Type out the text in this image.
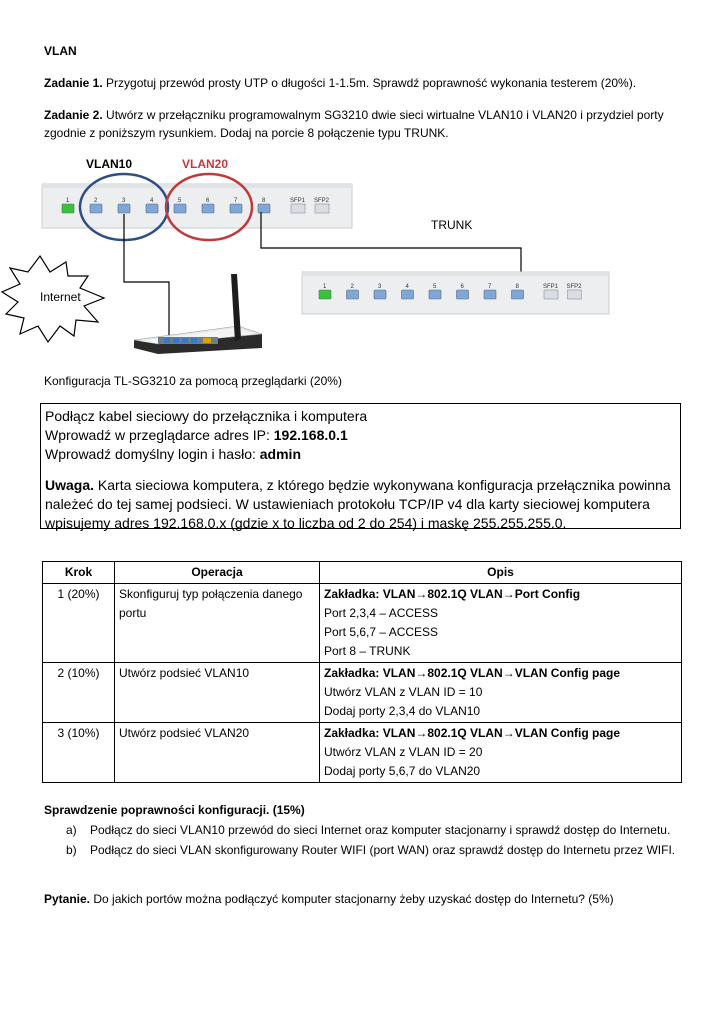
VLAN
Zadanie 1. Przygotuj przewód prosty UTP o długości 1-1.5m. Sprawdź poprawność wykonania testerem (20%).
Zadanie 2. Utwórz w przełączniku programowalnym SG3210 dwie sieci wirtualne VLAN10 i VLAN20 i przydziel porty
zgodnie z poniższym rysunkiem. Dodaj na porcie 8 połączenie typu TRUNK.
VLAN10	VLAN20
1	2	3	4	5	6	7	8	SFP1 SFP2
TRUNK
1	2	3	4	5	6	7	8	SFP1 SFP2
Internet
Konfiguracja TL-SG3210 za pomocą przeglądarki (20%)

Podłącz kabel sieciowy do przełącznika i komputera

Wprowadź w przeglądarce adres IP: 192.168.0.1

Wprowadź domyślny login i hasło: admin

Uwaga. Karta sieciowa komputera, z którego będzie wykonywana konfiguracja przełącznika powinna

należeć do tej samej podsieci. W ustawieniach protokołu TCP/IP v4 dla karty sieciowej komputera

wpisujemy adres 192.168.0.x (gdzie x to liczba od 2 do 254) i maskę 255.255.255.0.

Krok	Operacja	Opis
1 (20%)	Skonfiguruj typ połączenia danego
portu	Zakładka: VLAN→802.1Q VLAN→Port Config
Port 2,3,4 – ACCESS
Port 5,6,7 – ACCESS
Port 8 – TRUNK

2 (10%)	Utwórz podsieć VLAN10	Zakładka: VLAN→802.1Q VLAN→VLAN Config page
Utwórz VLAN z VLAN ID = 10
Dodaj porty 2,3,4 do VLAN10

3 (10%)	Utwórz podsieć VLAN20	Zakładka: VLAN→802.1Q VLAN→VLAN Config page
Utwórz VLAN z VLAN ID = 20
Dodaj porty 5,6,7 do VLAN20
Sprawdzenie poprawności konfiguracji. (15%)
a) Podłącz do sieci VLAN10 przewód do sieci Internet oraz komputer stacjonarny i sprawdź dostęp do Internetu.
b) Podłącz do sieci VLAN skonfigurowany Router WIFI (port WAN) oraz sprawdź dostęp do Internetu przez WIFI.
Pytanie. Do jakich portów można podłączyć komputer stacjonarny żeby uzyskać dostęp do Internetu? (5%)
